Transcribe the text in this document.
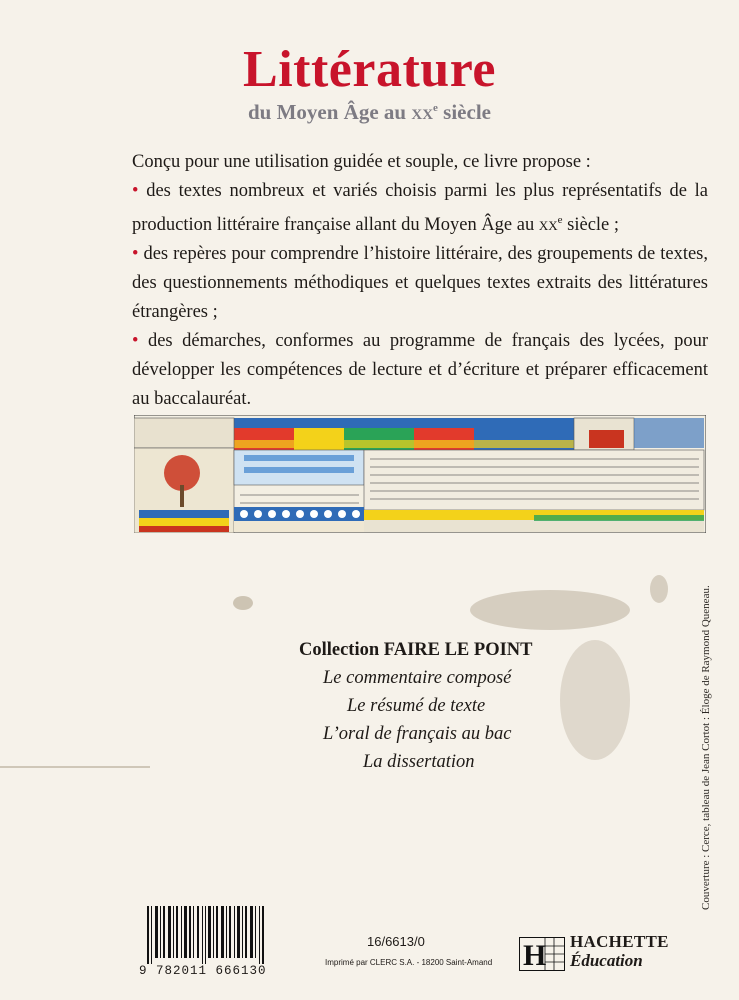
Littérature
du Moyen Âge au $xx^e$ siècle

Conçu pour une utilisation guidée et souple, ce livre propose :

• des textes nombreux et variés choisis parmi les plus représentatifs de la production littéraire française allant du Moyen Âge au $xx^e$ siècle ;

• des repères pour comprendre l’histoire littéraire, des groupements de textes, des questionnements méthodiques et quelques textes extraits des littératures étrangères ;

• des démarches, conformes au programme de français des lycées, pour développer les compétences de lecture et d’écriture et préparer efficacement au baccalauréat.

Collection FAIRE LE POINT
Le commentaire composé
Le résumé de texte
L’oral de français au bac
La dissertation	Couverture : Cerce, tableau de Jean Cortot : Éloge de Raymond Queneau.
9 782011 666130
16/6613/0
Imprimé par CLERC S.A. - 18200 Saint-Amand H HACHETTE
Éducation
